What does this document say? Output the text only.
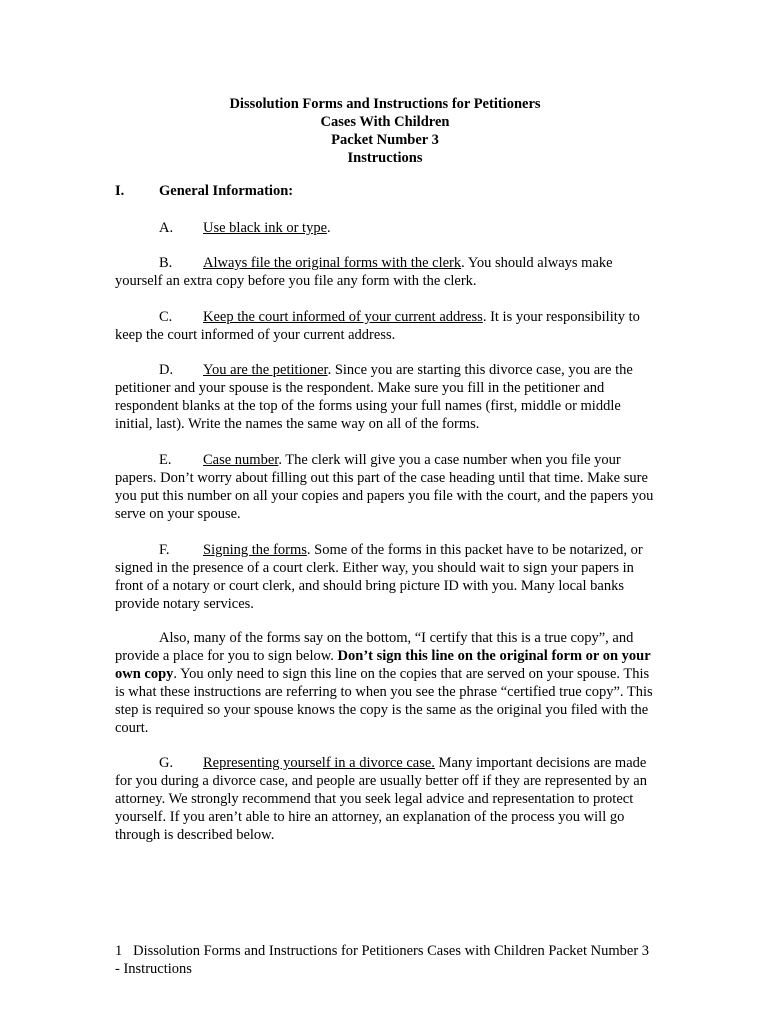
Dissolution Forms and Instructions for Petitioners
Cases With Children
Packet Number 3
Instructions
I. General Information:
A. Use black ink or type.
B. Always file the original forms with the clerk. You should always make yourself an extra copy before you file any form with the clerk.
C. Keep the court informed of your current address. It is your responsibility to keep the court informed of your current address.
D. You are the petitioner. Since you are starting this divorce case, you are the petitioner and your spouse is the respondent. Make sure you fill in the petitioner and respondent blanks at the top of the forms using your full names (first, middle or middle initial, last). Write the names the same way on all of the forms.
E. Case number. The clerk will give you a case number when you file your papers. Don’t worry about filling out this part of the case heading until that time. Make sure you put this number on all your copies and papers you file with the court, and the papers you serve on your spouse.
F. Signing the forms. Some of the forms in this packet have to be notarized, or signed in the presence of a court clerk. Either way, you should wait to sign your papers in front of a notary or court clerk, and should bring picture ID with you. Many local banks provide notary services.
Also, many of the forms say on the bottom, “I certify that this is a true copy”, and provide a place for you to sign below. Don’t sign this line on the original form or on your own copy. You only need to sign this line on the copies that are served on your spouse. This is what these instructions are referring to when you see the phrase “certified true copy”. This step is required so your spouse knows the copy is the same as the original you filed with the court.
G. Representing yourself in a divorce case. Many important decisions are made for you during a divorce case, and people are usually better off if they are represented by an attorney. We strongly recommend that you seek legal advice and representation to protect yourself. If you aren’t able to hire an attorney, an explanation of the process you will go through is described below.
1 Dissolution Forms and Instructions for Petitioners Cases with Children Packet Number 3 - Instructions
